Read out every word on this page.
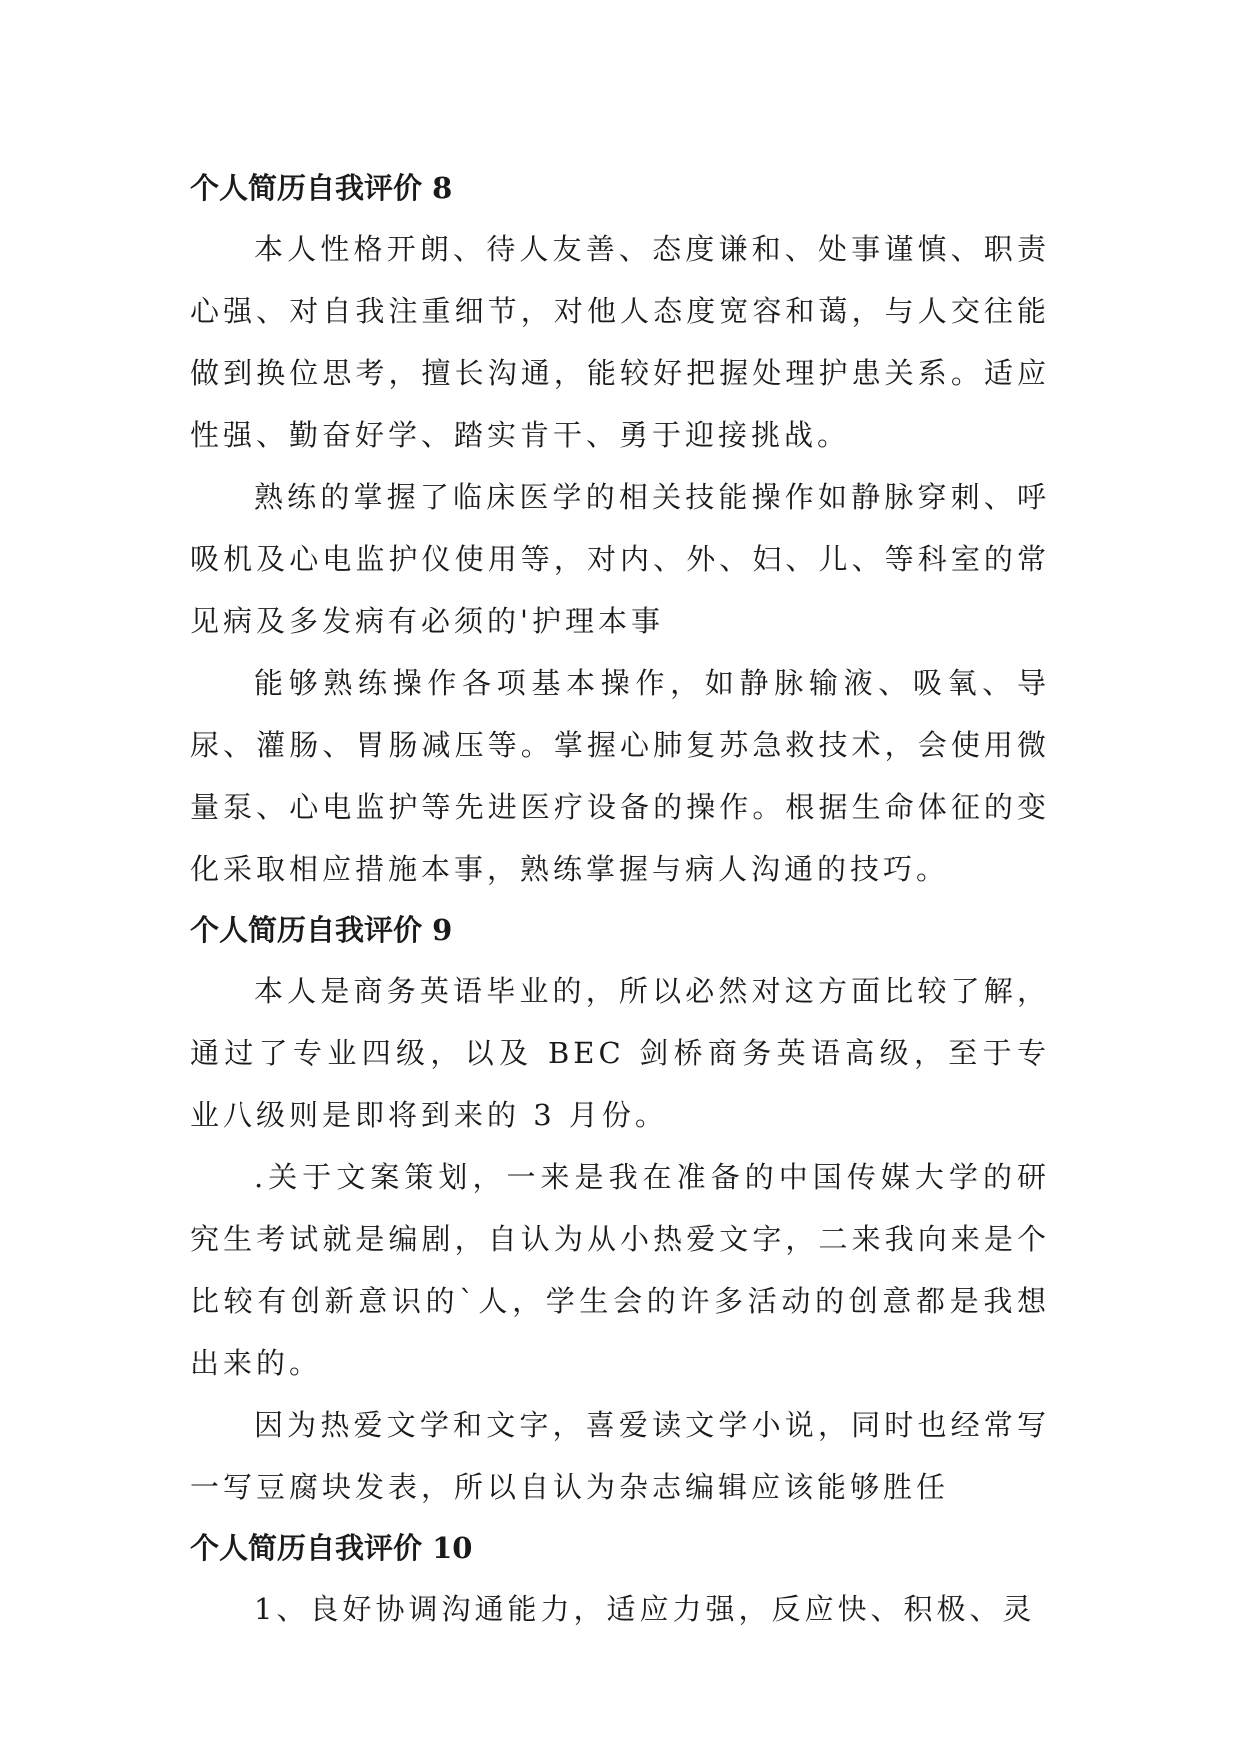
个人简历自我评价 8

本人性格开朗、待人友善、态度谦和、处事谨慎、职责心强、对自我注重细节，对他人态度宽容和蔼，与人交往能做到换位思考，擅长沟通，能较好把握处理护患关系。适应性强、勤奋好学、踏实肯干、勇于迎接挑战。

熟练的掌握了临床医学的相关技能操作如静脉穿刺、呼吸机及心电监护仪使用等，对内、外、妇、儿、等科室的常见病及多发病有必须的'护理本事

能够熟练操作各项基本操作，如静脉输液、吸氧、导尿、灌肠、胃肠减压等。掌握心肺复苏急救技术，会使用微量泵、心电监护等先进医疗设备的操作。根据生命体征的变化采取相应措施本事，熟练掌握与病人沟通的技巧。

个人简历自我评价 9

本人是商务英语毕业的，所以必然对这方面比较了解，通过了专业四级，以及 BEC 剑桥商务英语高级，至于专业八级则是即将到来的 3 月份。

.关于文案策划，一来是我在准备的中国传媒大学的研究生考试就是编剧，自认为从小热爱文字，二来我向来是个比较有创新意识的`人，学生会的许多活动的创意都是我想出来的。

因为热爱文学和文字，喜爱读文学小说，同时也经常写一写豆腐块发表，所以自认为杂志编辑应该能够胜任

个人简历自我评价 10

1、良好协调沟通能力，适应力强，反应快、积极、灵
